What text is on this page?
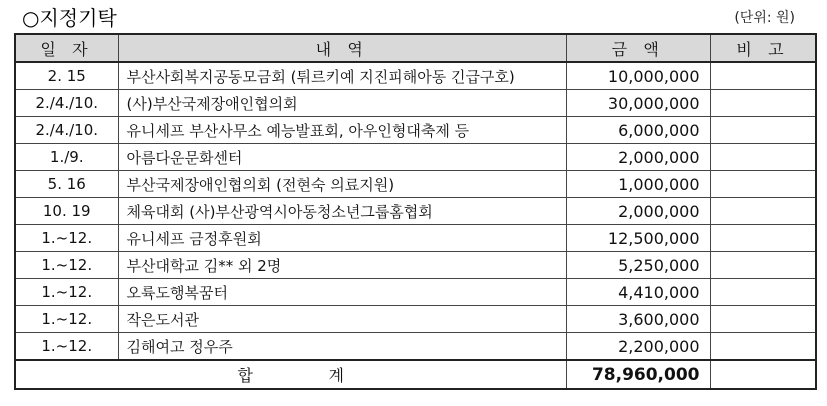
○지정기탁	(단위: 원)
일 자	내 역	금 액	비 고
2. 15	부산사회복지공동모금회 (튀르키예 지진피해아동 긴급구호)	10,000,000	
2./4./10.	(사)부산국제장애인협의회	30,000,000	
2./4./10.	유니세프 부산사무소 예능발표회, 아우인형대축제 등	6,000,000	
1./9.	아름다운문화센터	2,000,000	
5. 16	부산국제장애인협의회 (전현숙 의료지원)	1,000,000	
10. 19	체육대회 (사)부산광역시아동청소년그룹홈협회	2,000,000	
1.~12.	유니세프 금정후원회	12,500,000	
1.~12.	부산대학교 김** 외 2명	5,250,000	
1.~12.	오륙도행복꿈터	4,410,000	
1.~12.	작은도서관	3,600,000	
1.~12.	김해여고 정우주	2,200,000	
합 계		78,960,000	
